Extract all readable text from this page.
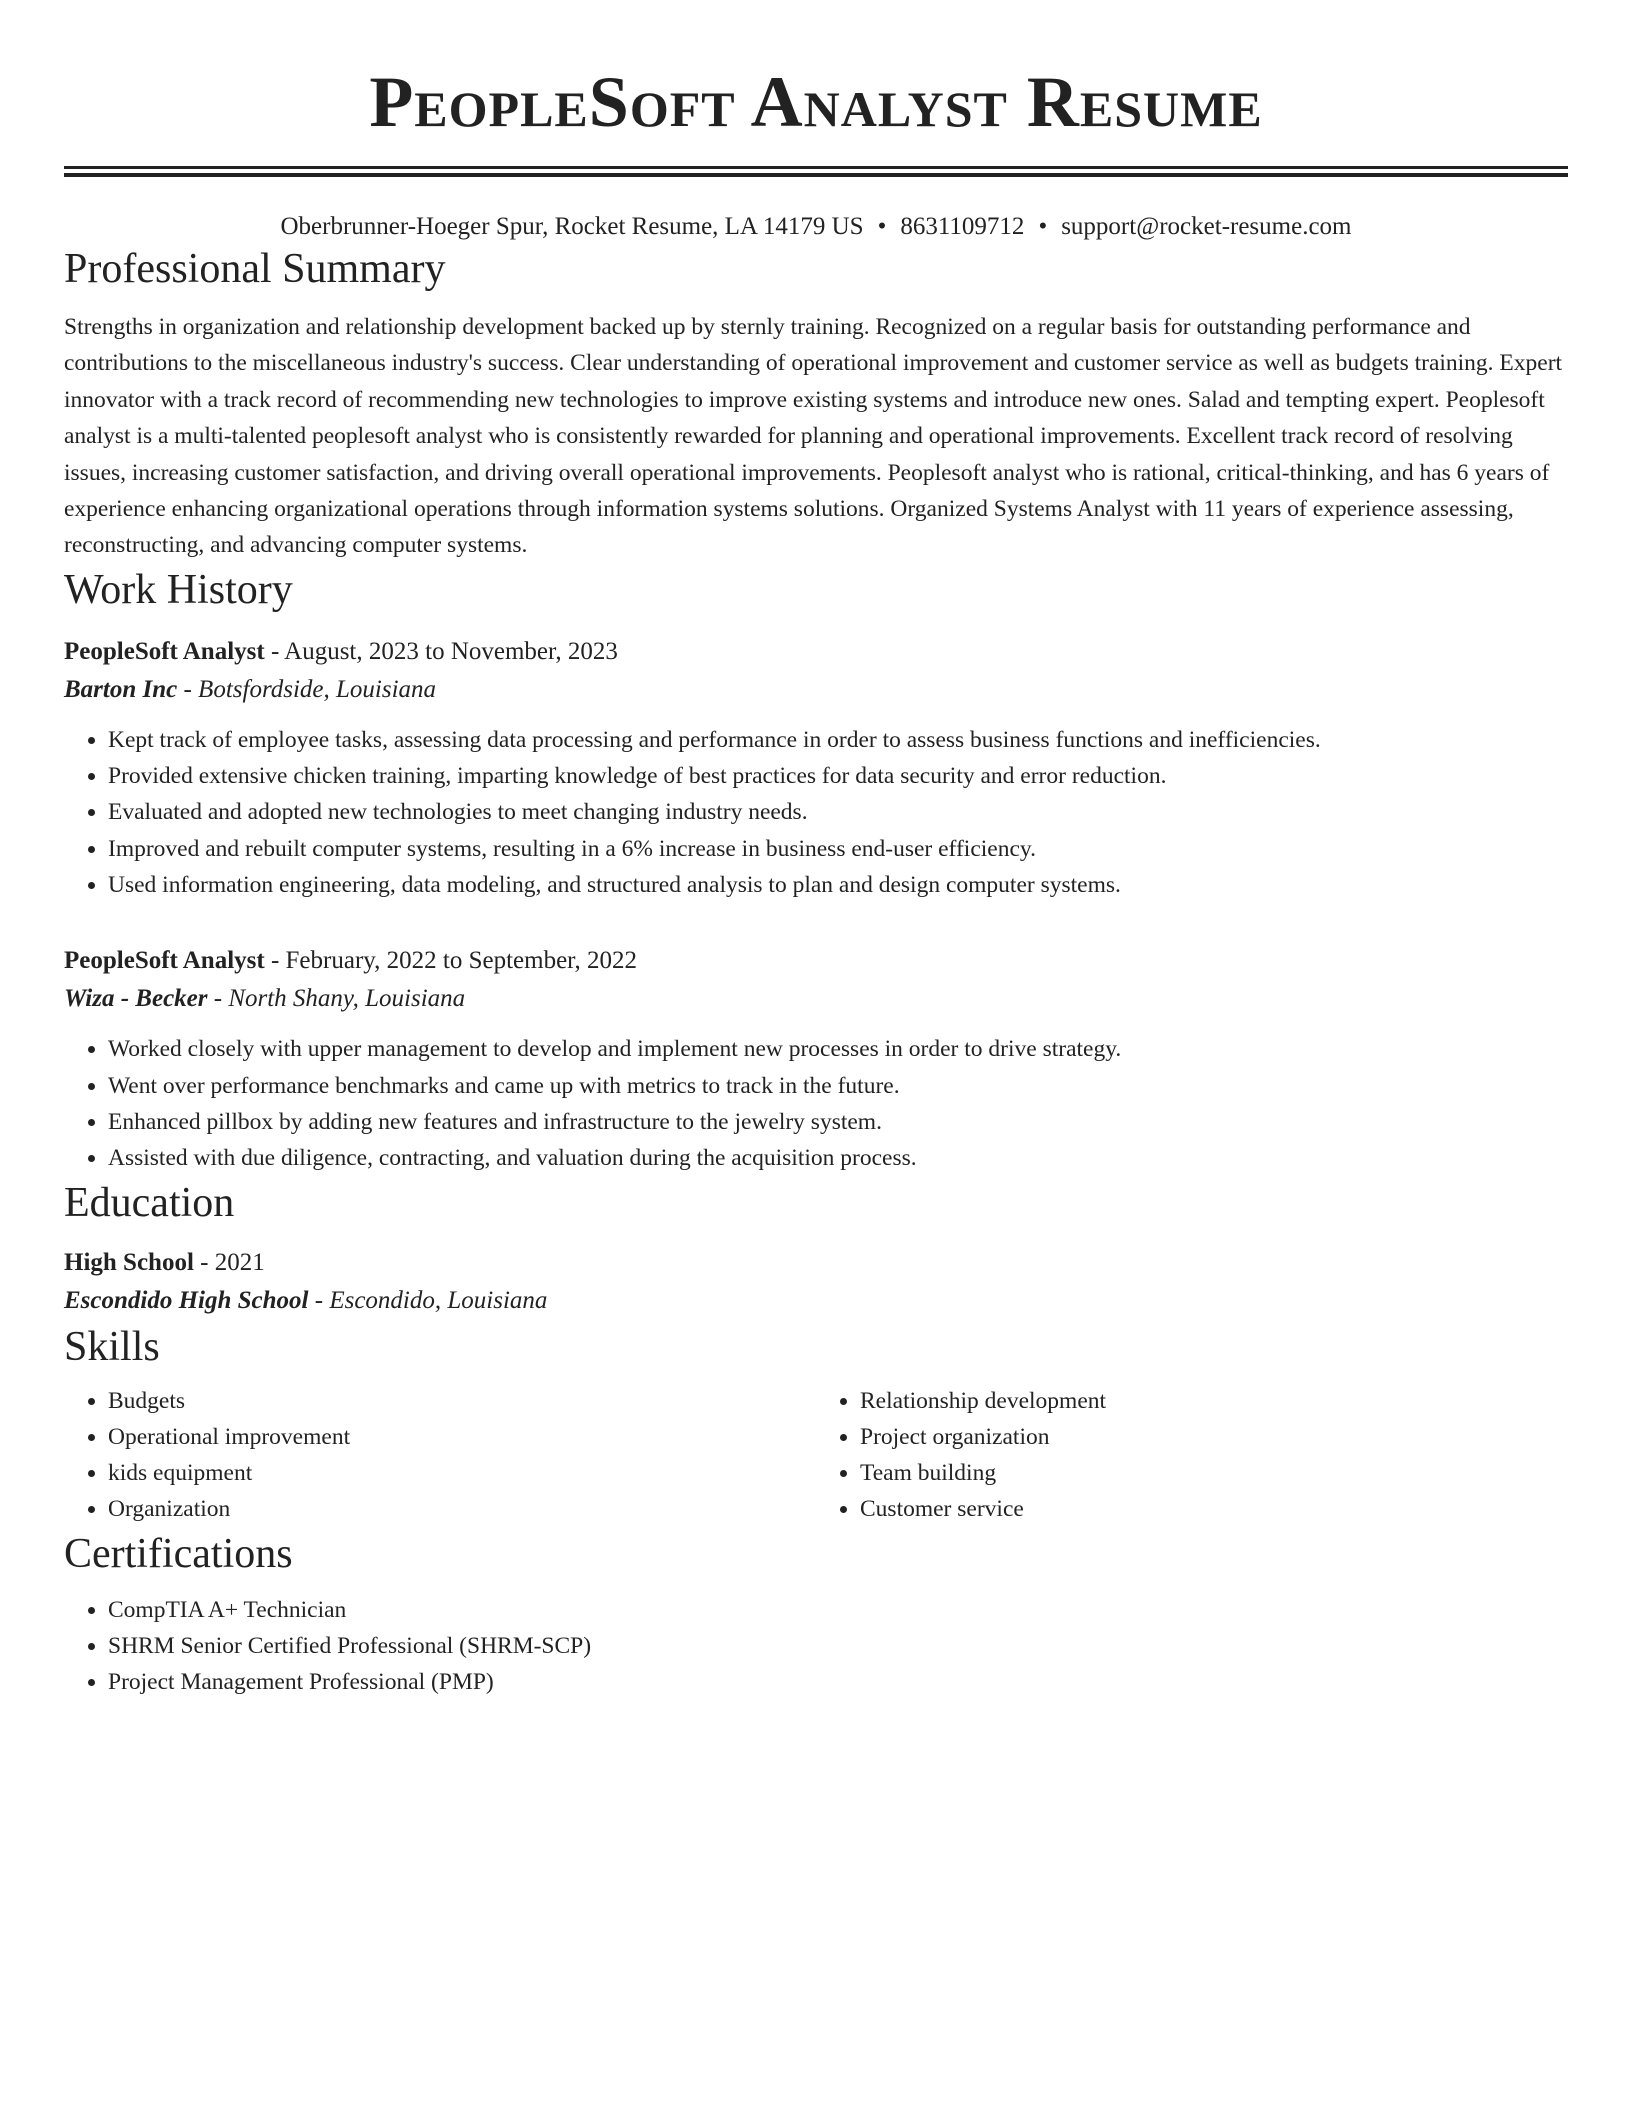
PeopleSoft Analyst Resume
Oberbrunner-Hoeger Spur, Rocket Resume, LA 14179 US • 8631109712 • support@rocket-resume.com
Professional Summary

Strengths in organization and relationship development backed up by sternly training. Recognized on a regular basis for outstanding performance and contributions to the miscellaneous industry's success. Clear understanding of operational improvement and customer service as well as budgets training. Expert innovator with a track record of recommending new technologies to improve existing systems and introduce new ones. Salad and tempting expert. Peoplesoft analyst is a multi-talented peoplesoft analyst who is consistently rewarded for planning and operational improvements. Excellent track record of resolving issues, increasing customer satisfaction, and driving overall operational improvements. Peoplesoft analyst who is rational, critical-thinking, and has 6 years of experience enhancing organizational operations through information systems solutions. Organized Systems Analyst with 11 years of experience assessing, reconstructing, and advancing computer systems.

Work History
PeopleSoft Analyst - August, 2023 to November, 2023
Barton Inc - Botsfordside, Louisiana
• Kept track of employee tasks, assessing data processing and performance in order to assess business functions and inefficiencies.
• Provided extensive chicken training, imparting knowledge of best practices for data security and error reduction.
• Evaluated and adopted new technologies to meet changing industry needs.
• Improved and rebuilt computer systems, resulting in a 6% increase in business end-user efficiency.
• Used information engineering, data modeling, and structured analysis to plan and design computer systems.
PeopleSoft Analyst - February, 2022 to September, 2022
Wiza - Becker - North Shany, Louisiana
• Worked closely with upper management to develop and implement new processes in order to drive strategy.
• Went over performance benchmarks and came up with metrics to track in the future.
• Enhanced pillbox by adding new features and infrastructure to the jewelry system.
• Assisted with due diligence, contracting, and valuation during the acquisition process.
Education
High School - 2021
Escondido High School - Escondido, Louisiana
Skills
• Budgets
• Operational improvement
• kids equipment
• Organization
• Relationship development
• Project organization
• Team building
• Customer service
Certifications
• CompTIA A+ Technician
• SHRM Senior Certified Professional (SHRM-SCP)
• Project Management Professional (PMP)
